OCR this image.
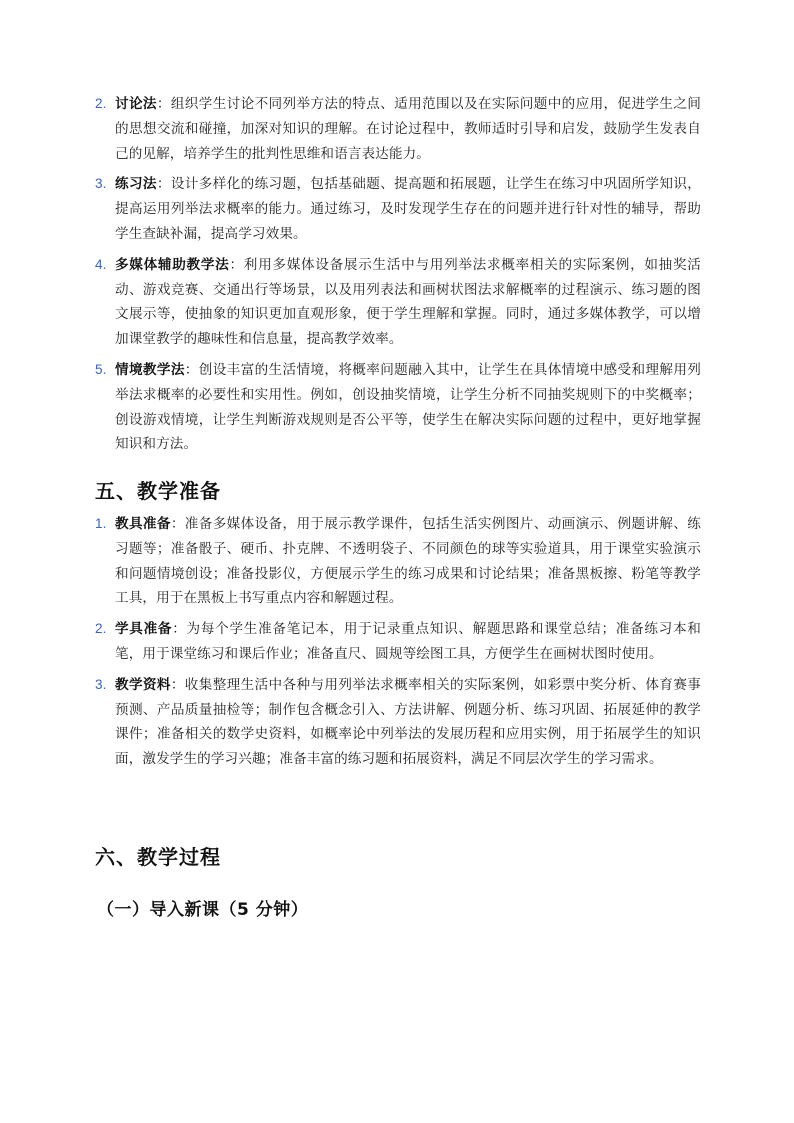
2. 讨论法：组织学生讨论不同列举方法的特点、适用范围以及在实际问题中的应用，促进学生之间的思想交流和碰撞，加深对知识的理解。在讨论过程中，教师适时引导和启发，鼓励学生发表自己的见解，培养学生的批判性思维和语言表达能力。
3. 练习法：设计多样化的练习题，包括基础题、提高题和拓展题，让学生在练习中巩固所学知识，提高运用列举法求概率的能力。通过练习，及时发现学生存在的问题并进行针对性的辅导，帮助学生查缺补漏，提高学习效果。
4. 多媒体辅助教学法：利用多媒体设备展示生活中与用列举法求概率相关的实际案例，如抽奖活动、游戏竞赛、交通出行等场景，以及用列表法和画树状图法求解概率的过程演示、练习题的图文展示等，使抽象的知识更加直观形象，便于学生理解和掌握。同时，通过多媒体教学，可以增加课堂教学的趣味性和信息量，提高教学效率。
5. 情境教学法：创设丰富的生活情境，将概率问题融入其中，让学生在具体情境中感受和理解用列举法求概率的必要性和实用性。例如，创设抽奖情境，让学生分析不同抽奖规则下的中奖概率；创设游戏情境，让学生判断游戏规则是否公平等，使学生在解决实际问题的过程中，更好地掌握知识和方法。
五、教学准备
1. 教具准备：准备多媒体设备，用于展示教学课件，包括生活实例图片、动画演示、例题讲解、练习题等；准备骰子、硬币、扑克牌、不透明袋子、不同颜色的球等实验道具，用于课堂实验演示和问题情境创设；准备投影仪，方便展示学生的练习成果和讨论结果；准备黑板擦、粉笔等教学工具，用于在黑板上书写重点内容和解题过程。
2. 学具准备：为每个学生准备笔记本，用于记录重点知识、解题思路和课堂总结；准备练习本和笔，用于课堂练习和课后作业；准备直尺、圆规等绘图工具，方便学生在画树状图时使用。
3. 教学资料：收集整理生活中各种与用列举法求概率相关的实际案例，如彩票中奖分析、体育赛事预测、产品质量抽检等；制作包含概念引入、方法讲解、例题分析、练习巩固、拓展延伸的教学课件；准备相关的数学史资料，如概率论中列举法的发展历程和应用实例，用于拓展学生的知识面，激发学生的学习兴趣；准备丰富的练习题和拓展资料，满足不同层次学生的学习需求。
六、教学过程
（一）导入新课（5 分钟）
